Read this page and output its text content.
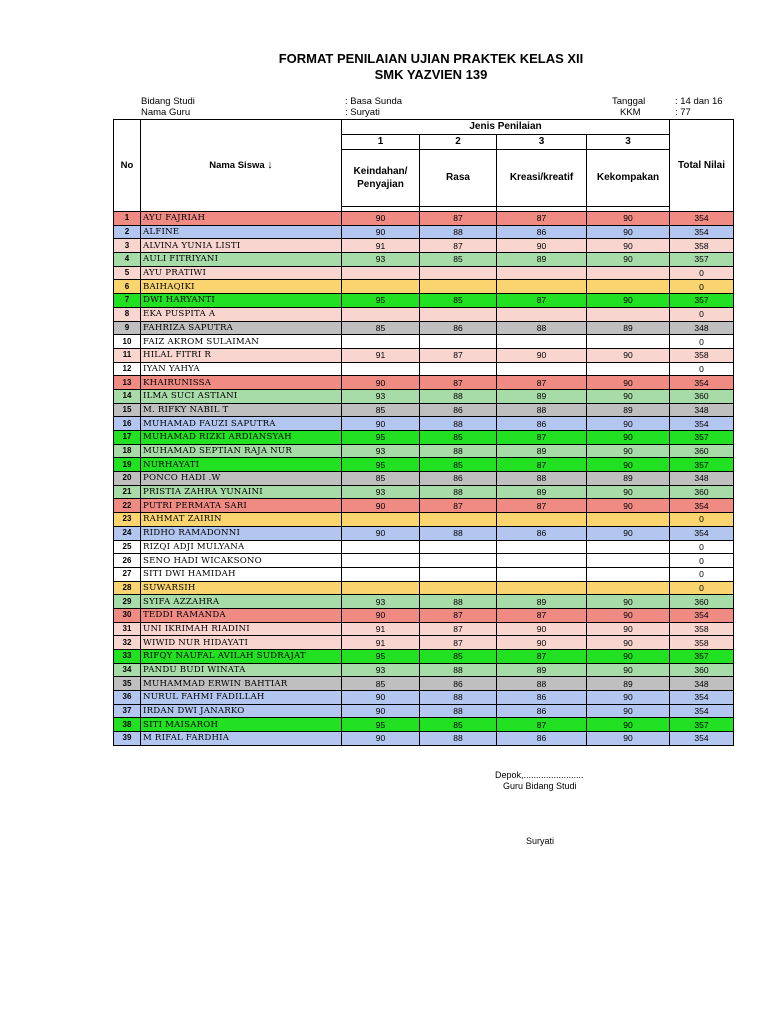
FORMAT PENILAIAN UJIAN PRAKTEK KELAS XII
SMK YAZVIEN 139
Bidang Studi	: Basa Sunda
Nama Guru	: Suryati
Tanggal	: 14 dan 16
KKM	: 77
No	Nama Siswa ↓	Jenis Penilaian				Total Nilai
		1	2	3	3	
		Keindahan/ Penyajian	Rasa	Kreasi/kreatif	Kekompakan	

1	AYU FAJRIAH	90	87	87	90	354
2	ALFINE	90	88	86	90	354
3	ALVINA YUNIA LISTI	91	87	90	90	358
4	AULI FITRIYANI	93	85	89	90	357
5	AYU PRATIWI					0
6	BAIHAQIKI					0
7	DWI HARYANTI	95	85	87	90	357
8	EKA PUSPITA A					0
9	FAHRIZA SAPUTRA	85	86	88	89	348
10	FAIZ AKROM SULAIMAN					0
11	HILAL FITRI R	91	87	90	90	358
12	IYAN YAHYA					0
13	KHAIRUNISSA	90	87	87	90	354
14	ILMA SUCI ASTIANI	93	88	89	90	360
15	M. RIFKY NABIL T	85	86	88	89	348
16	MUHAMAD FAUZI SAPUTRA	90	88	86	90	354
17	MUHAMAD RIZKI ARDIANSYAH	95	85	87	90	357
18	MUHAMAD SEPTIAN RAJA NUR	93	88	89	90	360
19	NURHAYATI	95	85	87	90	357
20	PONCO HADI .W	85	86	88	89	348
21	PRISTIA ZAHRA YUNAINI	93	88	89	90	360
22	PUTRI PERMATA SARI	90	87	87	90	354
23	RAHMAT ZAIRIN					0
24	RIDHO RAMADONNI	90	88	86	90	354
25	RIZQI ADJI MULYANA					0
26	SENO HADI WICAKSONO					0
27	SITI DWI HAMIDAH					0
28	SUWARSIH					0
29	SYIFA AZZAHRA	93	88	89	90	360
30	TEDDI RAMANDA	90	87	87	90	354
31	UNI IKRIMAH RIADINI	91	87	90	90	358
32	WIWID NUR HIDAYATI	91	87	90	90	358
33	RIFQY NAUFAL AVILAH SUDRAJAT	95	85	87	90	357
34	PANDU BUDI WINATA	93	88	89	90	360
35	MUHAMMAD ERWIN BAHTIAR	85	86	88	89	348
36	NURUL FAHMI FADILLAH	90	88	86	90	354
37	IRDAN DWI JANARKO	90	88	86	90	354
38	SITI MAISAROH	95	85	87	90	357
39	M RIFAL FARDHIA	90	88	86	90	354
Depok,........................
Guru Bidang Studi
Suryati
